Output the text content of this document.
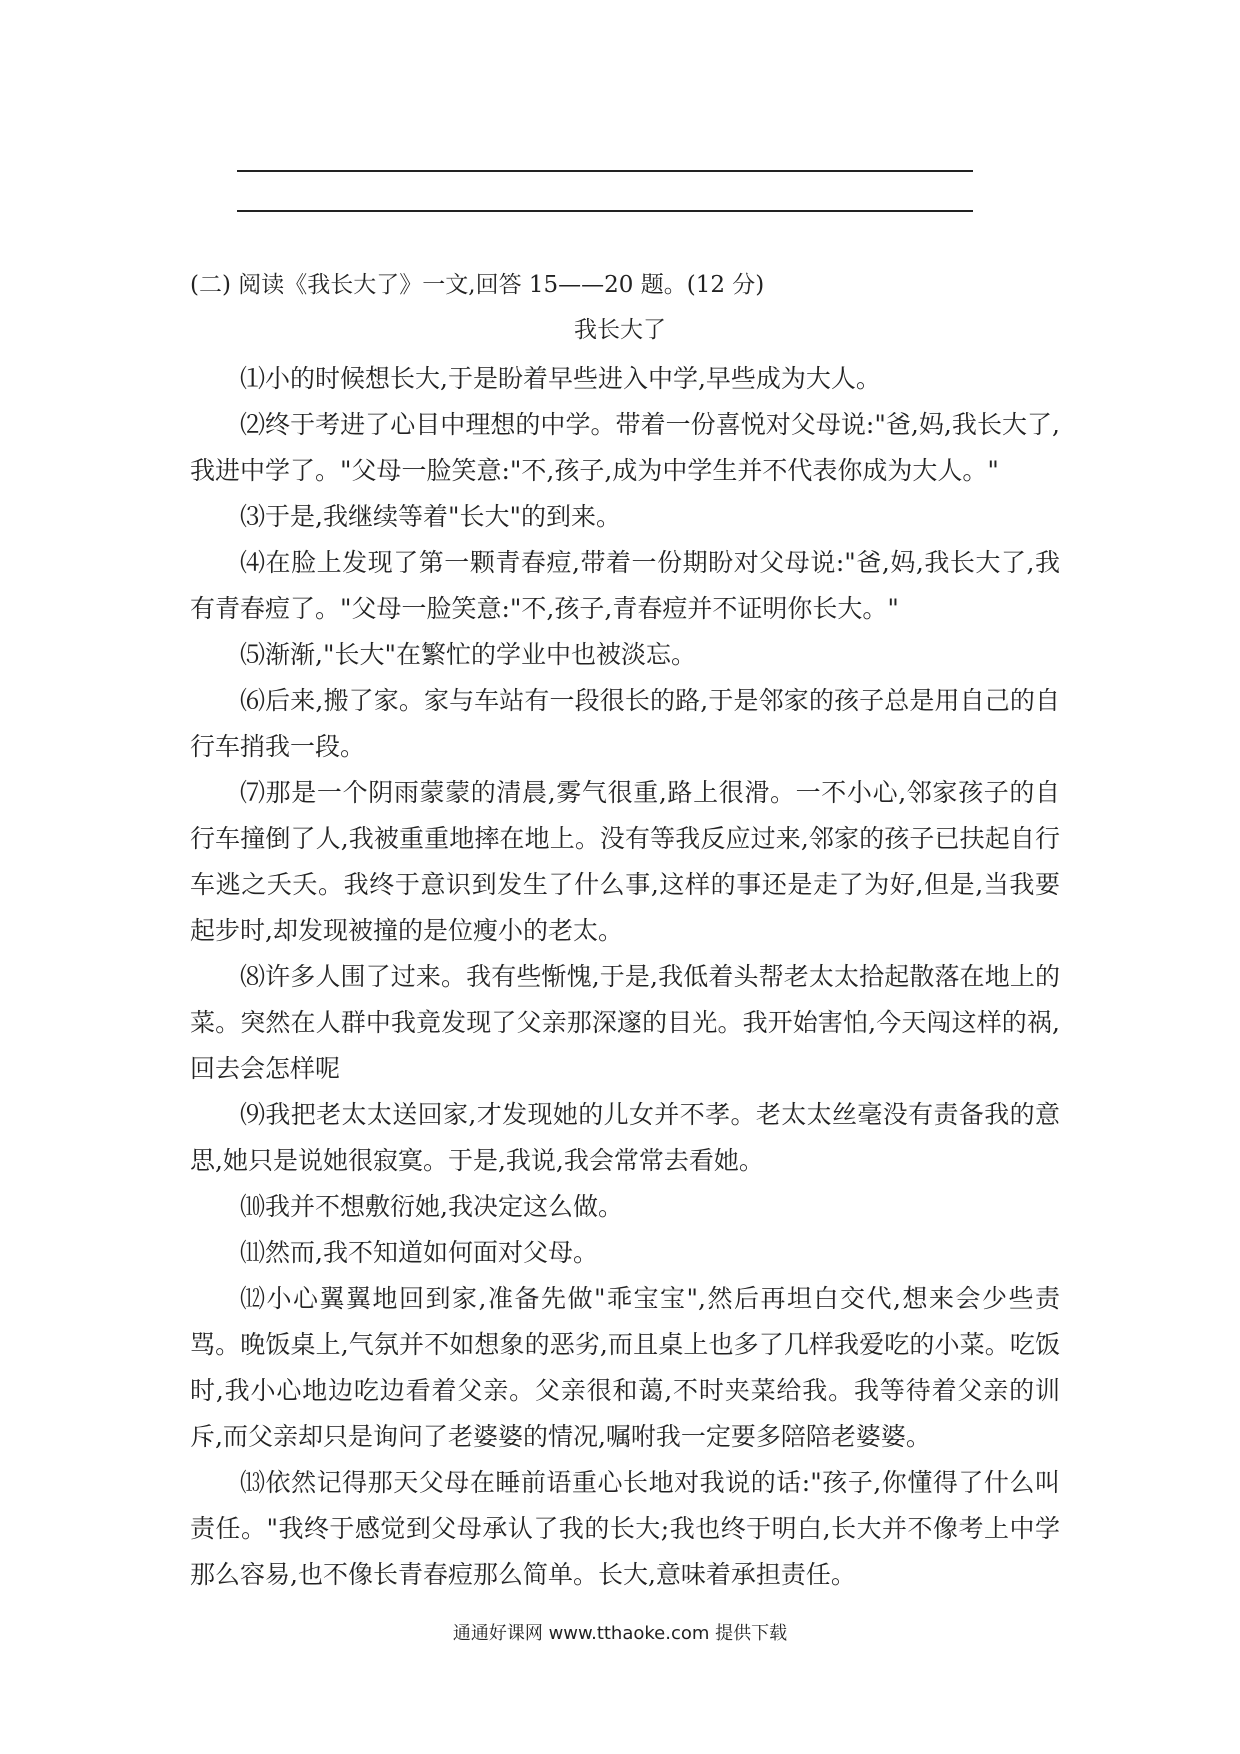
(二) 阅读《我长大了》一文,回答 15——20 题。(12 分)
我长大了

⑴小的时候想长大,于是盼着早些进入中学,早些成为大人。

⑵终于考进了心目中理想的中学。带着一份喜悦对父母说:"爸,妈,我长大了,我进中学了。"父母一脸笑意:"不,孩子,成为中学生并不代表你成为大人。"

⑶于是,我继续等着"长大"的到来。

⑷在脸上发现了第一颗青春痘,带着一份期盼对父母说:"爸,妈,我长大了,我有青春痘了。"父母一脸笑意:"不,孩子,青春痘并不证明你长大。"

⑸渐渐,"长大"在繁忙的学业中也被淡忘。

⑹后来,搬了家。家与车站有一段很长的路,于是邻家的孩子总是用自己的自行车捎我一段。

⑺那是一个阴雨蒙蒙的清晨,雾气很重,路上很滑。一不小心,邻家孩子的自行车撞倒了人,我被重重地摔在地上。没有等我反应过来,邻家的孩子已扶起自行车逃之夭夭。我终于意识到发生了什么事,这样的事还是走了为好,但是,当我要起步时,却发现被撞的是位瘦小的老太。

⑻许多人围了过来。我有些惭愧,于是,我低着头帮老太太拾起散落在地上的菜。突然在人群中我竟发现了父亲那深邃的目光。我开始害怕,今天闯这样的祸,回去会怎样呢

⑼我把老太太送回家,才发现她的儿女并不孝。老太太丝毫没有责备我的意思,她只是说她很寂寞。于是,我说,我会常常去看她。

⑽我并不想敷衍她,我决定这么做。

⑾然而,我不知道如何面对父母。

⑿小心翼翼地回到家,准备先做"乖宝宝",然后再坦白交代,想来会少些责骂。晚饭桌上,气氛并不如想象的恶劣,而且桌上也多了几样我爱吃的小菜。吃饭时,我小心地边吃边看着父亲。父亲很和蔼,不时夹菜给我。我等待着父亲的训斥,而父亲却只是询问了老婆婆的情况,嘱咐我一定要多陪陪老婆婆。

⒀依然记得那天父母在睡前语重心长地对我说的话:"孩子,你懂得了什么叫责任。"我终于感觉到父母承认了我的长大;我也终于明白,长大并不像考上中学那么容易,也不像长青春痘那么简单。长大,意味着承担责任。

通通好课网 www.tthaoke.com 提供下载
